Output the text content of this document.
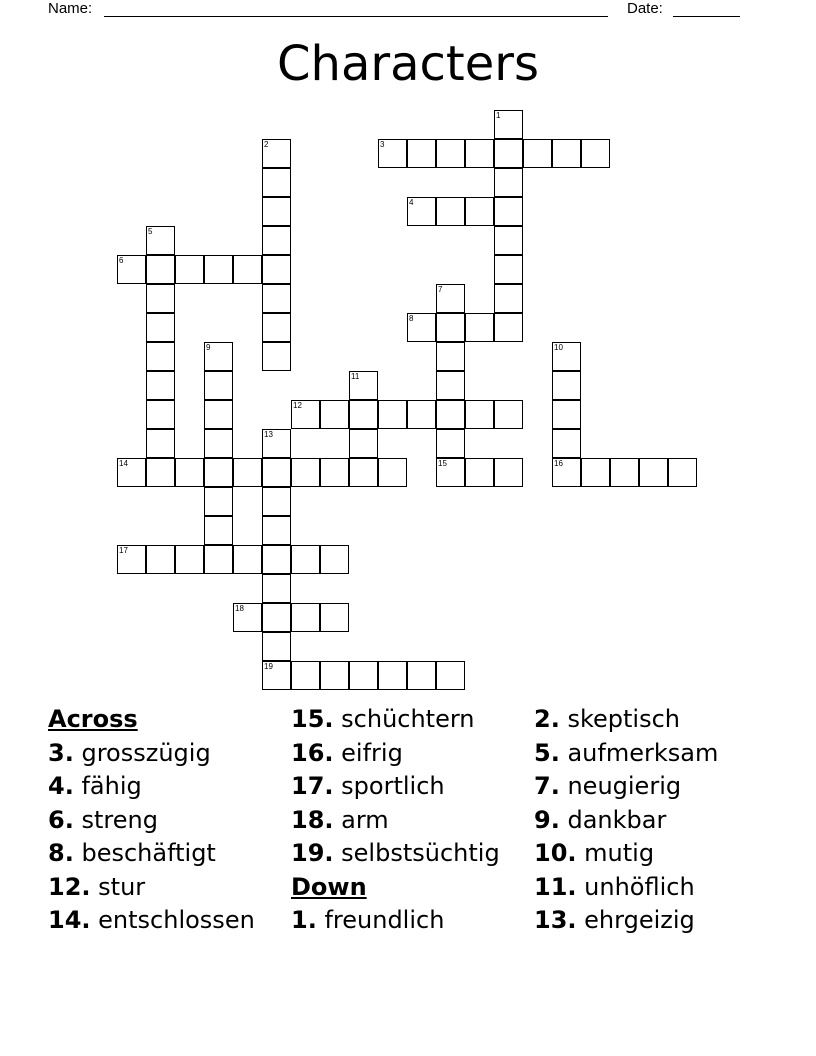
Name:	Date:
Characters
1
2	3
4
5
6
7
8
9	10
11
12
13
14	15	16
17
18
19
Across
3. grosszügig
4. fähig
6. streng
8. beschäftigt
12. stur
14. entschlossen
15. schüchtern
16. eifrig
17. sportlich
18. arm
19. selbstsüchtig
Down
1. freundlich
2. skeptisch
5. aufmerksam
7. neugierig
9. dankbar
10. mutig
11. unhöflich
13. ehrgeizig
